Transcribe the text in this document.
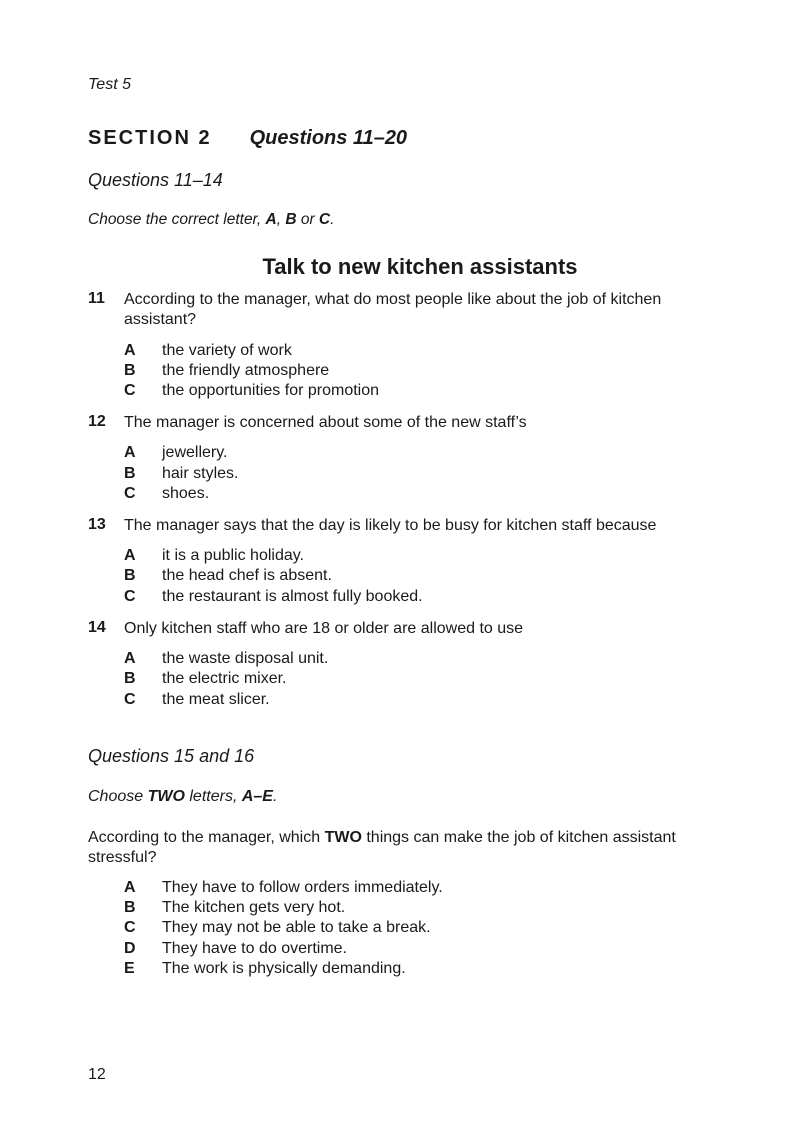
Test 5
SECTION 2 Questions 11–20
Questions 11–14
Choose the correct letter, A, B or C.
Talk to new kitchen assistants
11 According to the manager, what do most people like about the job of kitchen assistant?
A the variety of work
B the friendly atmosphere
C the opportunities for promotion
12 The manager is concerned about some of the new staff’s
A jewellery.
B hair styles.
C shoes.
13 The manager says that the day is likely to be busy for kitchen staff because
A it is a public holiday.
B the head chef is absent.
C the restaurant is almost fully booked.
14 Only kitchen staff who are 18 or older are allowed to use
A the waste disposal unit.
B the electric mixer.
C the meat slicer.
Questions 15 and 16
Choose TWO letters, A–E.
According to the manager, which TWO things can make the job of kitchen assistant stressful?
A They have to follow orders immediately.
B The kitchen gets very hot.
C They may not be able to take a break.
D They have to do overtime.
E The work is physically demanding.
12
